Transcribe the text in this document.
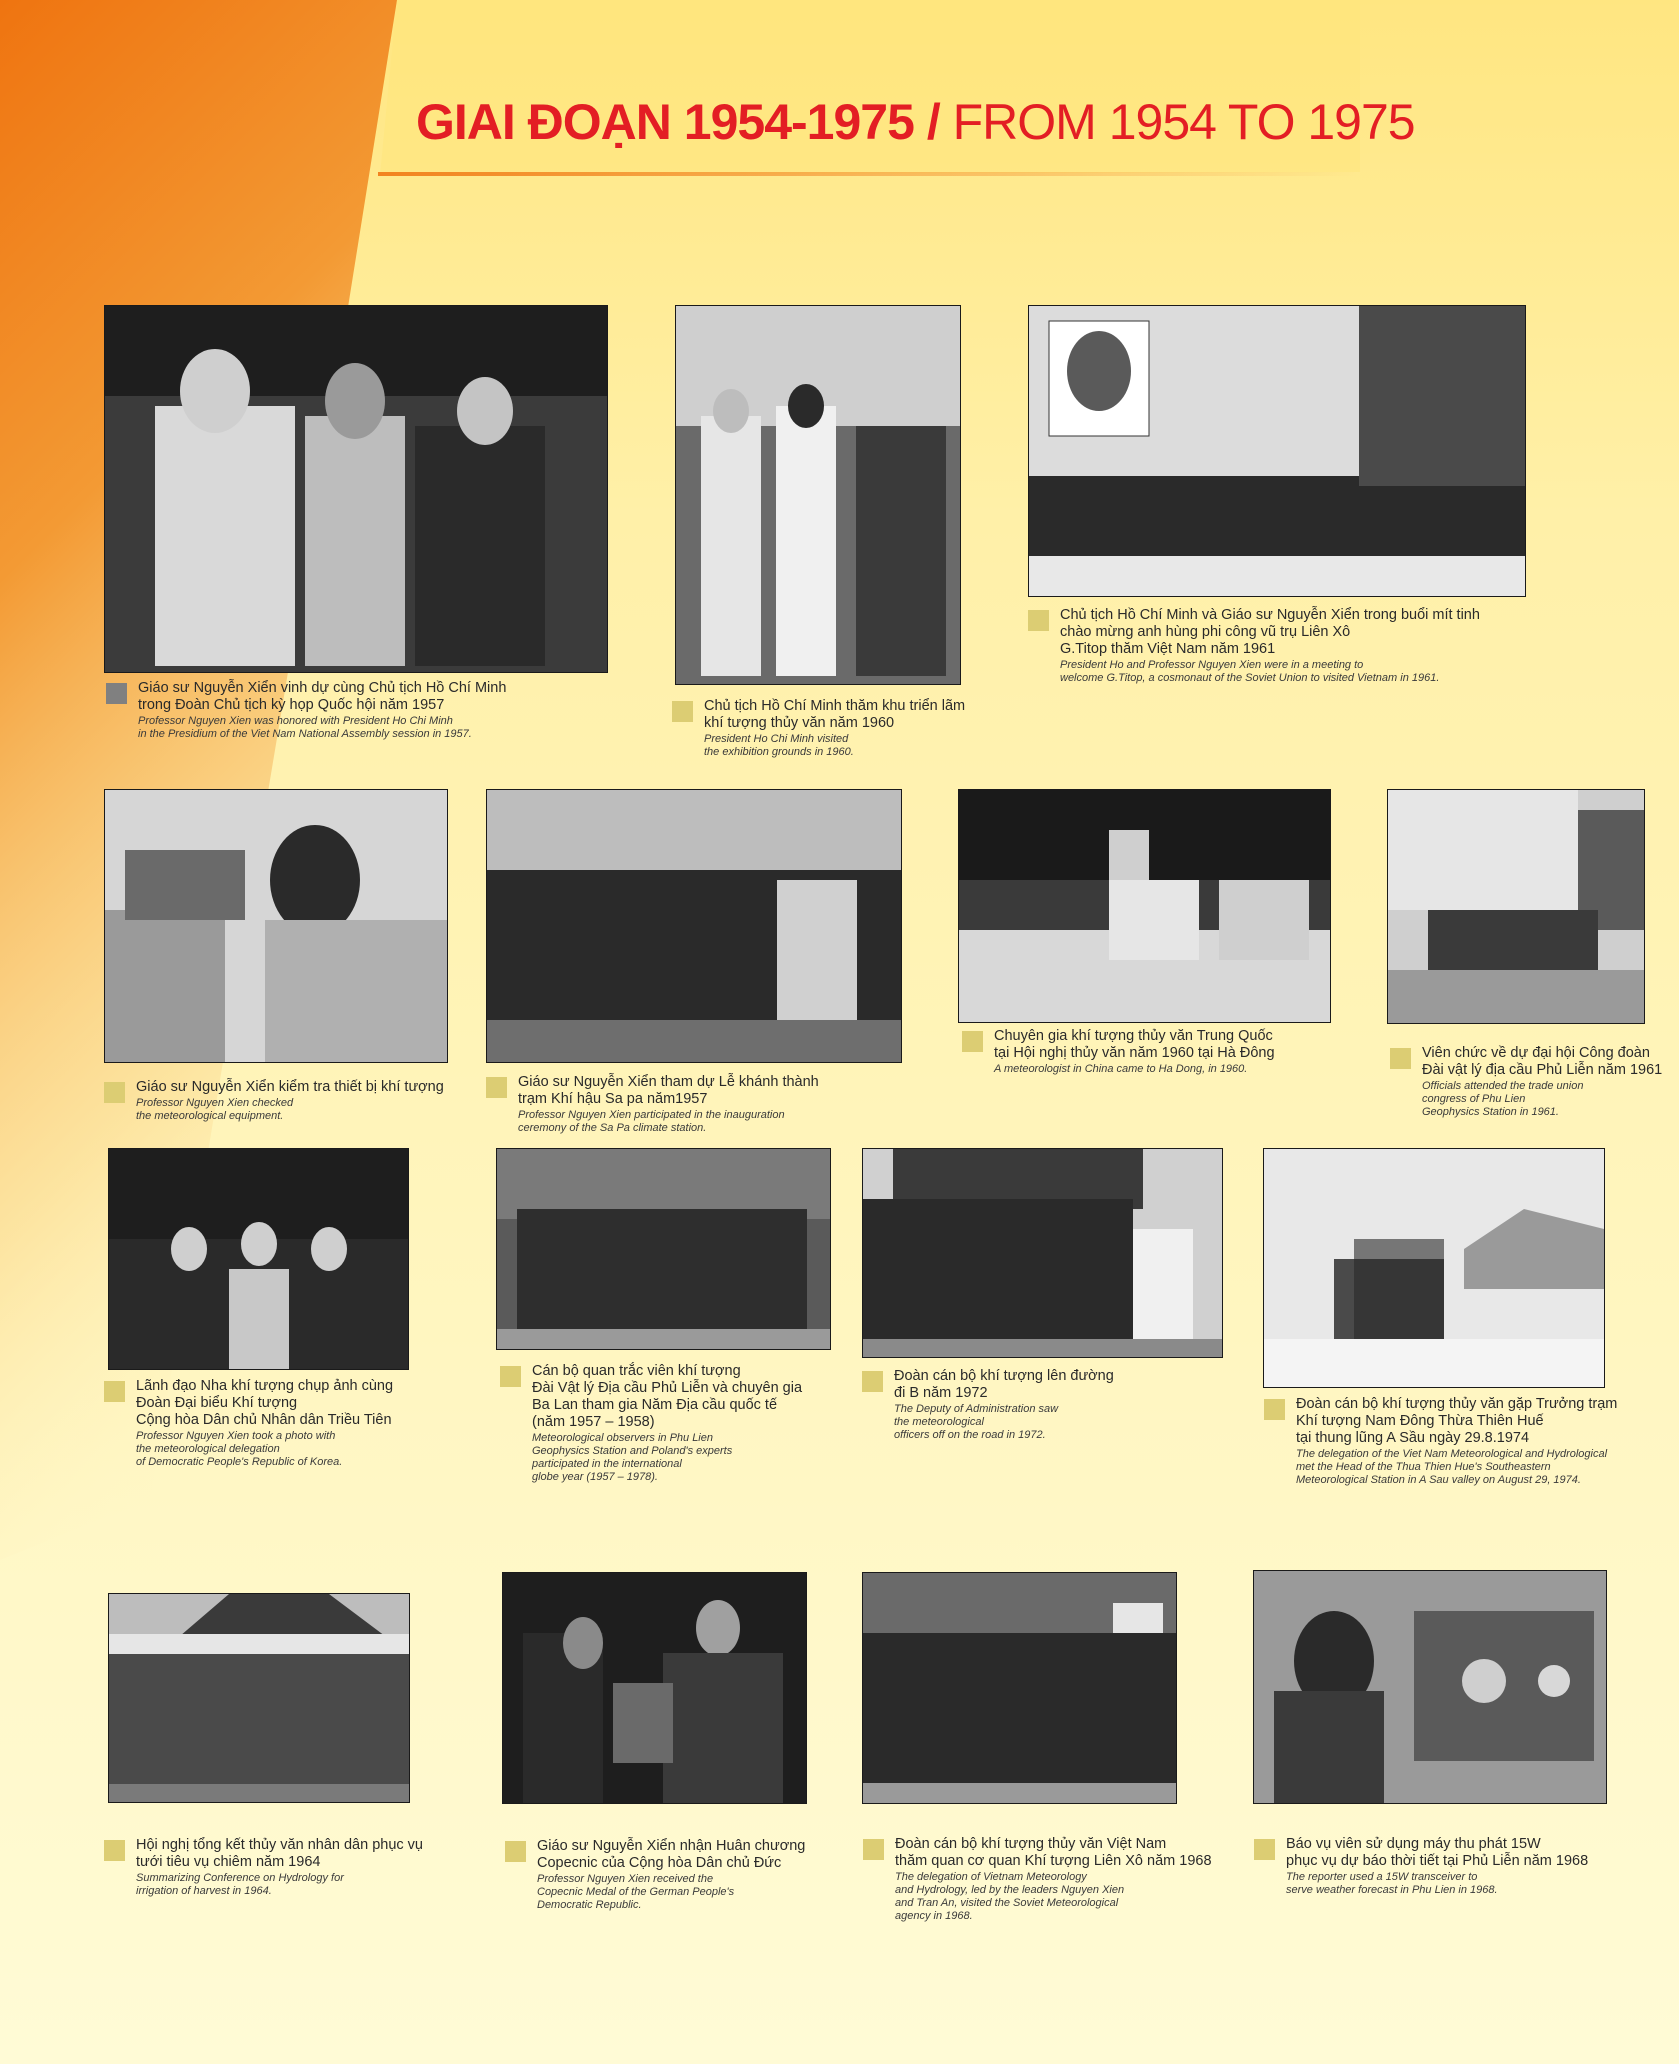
GIAI ĐOẠN 1954-1975 / FROM 1954 TO 1975

Giáo sư Nguyễn Xiển vinh dự cùng Chủ tịch Hồ Chí Minh
trong Đoàn Chủ tịch kỳ họp Quốc hội năm 1957

Professor Nguyen Xien was honored with President Ho Chi Minh
in the Presidium of the Viet Nam National Assembly session in 1957.

Chủ tịch Hồ Chí Minh thăm khu triển lãm
khí tượng thủy văn năm 1960

President Ho Chi Minh visited
the exhibition grounds in 1960.

Chủ tịch Hồ Chí Minh và Giáo sư Nguyễn Xiển trong buổi mít tinh
chào mừng anh hùng phi công vũ trụ Liên Xô
G.Titop thăm Việt Nam năm 1961

President Ho and Professor Nguyen Xien were in a meeting to
welcome G.Titop, a cosmonaut of the Soviet Union to visited Vietnam in 1961.

Giáo sư Nguyễn Xiển kiểm tra thiết bị khí tượng

Professor Nguyen Xien checked
the meteorological equipment.

Giáo sư Nguyễn Xiển tham dự Lễ khánh thành
trạm Khí hậu Sa pa năm1957

Professor Nguyen Xien participated in the inauguration
ceremony of the Sa Pa climate station.

Chuyên gia khí tượng thủy văn Trung Quốc
tại Hội nghị thủy văn năm 1960 tại Hà Đông

A meteorologist in China came to Ha Dong, in 1960.

Viên chức về dự đại hội Công đoàn
Đài vật lý địa cầu Phủ Liễn năm 1961

Officials attended the trade union
congress of Phu Lien
Geophysics Station in 1961.

Lãnh đạo Nha khí tượng chụp ảnh cùng
Đoàn Đại biểu Khí tượng
Cộng hòa Dân chủ Nhân dân Triều Tiên

Professor Nguyen Xien took a photo with
the meteorological delegation
of Democratic People's Republic of Korea.

Cán bộ quan trắc viên khí tượng
Đài Vật lý Địa cầu Phủ Liễn và chuyên gia
Ba Lan tham gia Năm Địa cầu quốc tế
(năm 1957 – 1958)

Meteorological observers in Phu Lien
Geophysics Station and Poland's experts
participated in the international
globe year (1957 – 1978).

Đoàn cán bộ khí tượng lên đường
đi B năm 1972

The Deputy of Administration saw
the meteorological
officers off on the road in 1972.

Đoàn cán bộ khí tượng thủy văn gặp Trưởng trạm
Khí tượng Nam Đông Thừa Thiên Huế
tại thung lũng A Sầu ngày 29.8.1974

The delegation of the Viet Nam Meteorological and Hydrological
met the Head of the Thua Thien Hue's Southeastern
Meteorological Station in A Sau valley on August 29, 1974.

Hội nghị tổng kết thủy văn nhân dân phục vụ
tưới tiêu vụ chiêm năm 1964

Summarizing Conference on Hydrology for
irrigation of harvest in 1964.

Giáo sư Nguyễn Xiển nhận Huân chương
Copecnic của Cộng hòa Dân chủ Đức

Professor Nguyen Xien received the
Copecnic Medal of the German People's
Democratic Republic.

Đoàn cán bộ khí tượng thủy văn Việt Nam
thăm quan cơ quan Khí tượng Liên Xô năm 1968

The delegation of Vietnam Meteorology
and Hydrology, led by the leaders Nguyen Xien
and Tran An, visited the Soviet Meteorological
agency in 1968.

Báo vụ viên sử dụng máy thu phát 15W
phục vụ dự báo thời tiết tại Phủ Liễn năm 1968

The reporter used a 15W transceiver to
serve weather forecast in Phu Lien in 1968.
